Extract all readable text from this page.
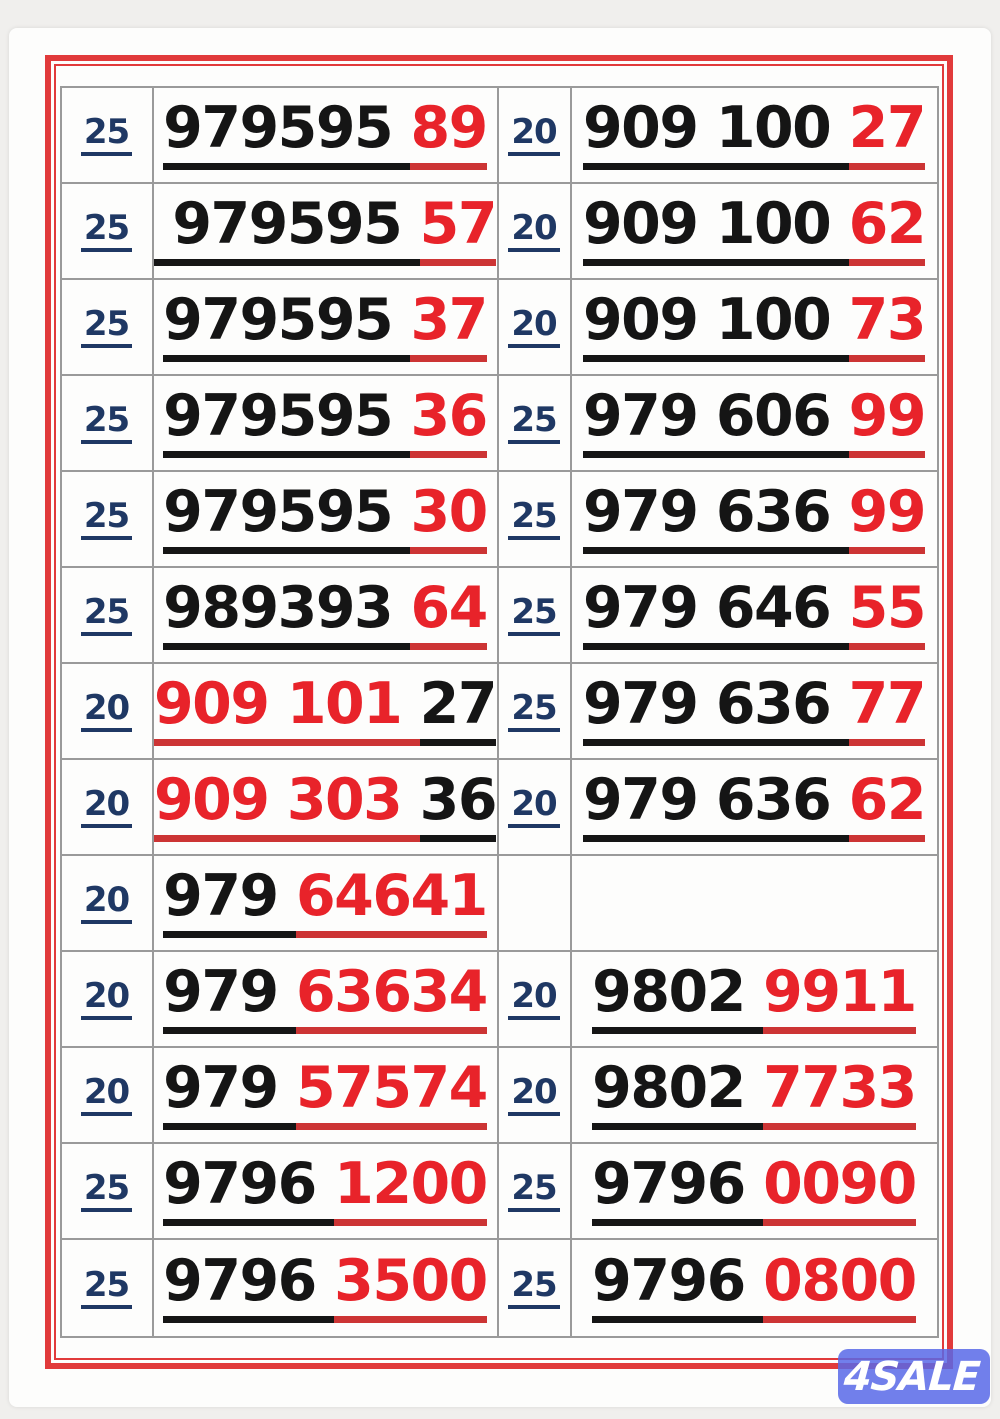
25 979595 89 20 909 100 27
25 979595 57 20 909 100 62
25 979595 37 20 909 100 73
25 979595 36 25 979 606 99
25 979595 30 25 979 636 99
25 989393 64 25 979 646 55
20 909 101 27 25 979 636 77
20 909 303 36 20 979 636 62
20 979 64641
20 979 63634 20 9802 9911
20 979 57574 20 9802 7733
25 9796 1200 25 9796 0090
25 9796 3500 25 9796 0800
4SALE
